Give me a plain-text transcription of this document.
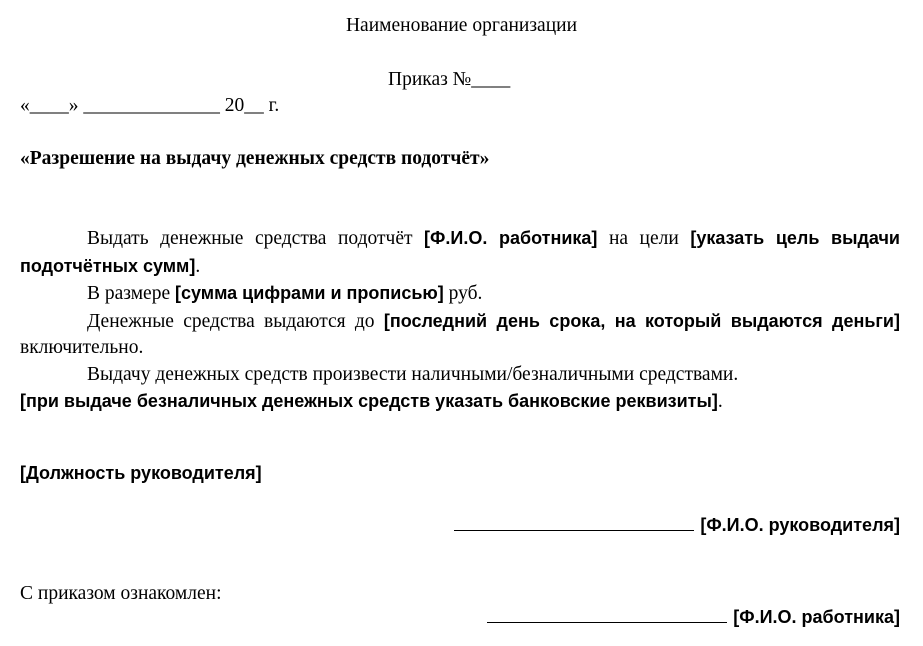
Наименование организации
Приказ №____
«____» ______________ 20__ г.
«Разрешение на выдачу денежных средств подотчёт»

Выдать денежные средства подотчёт [Ф.И.О. работника] на цели [указать цель выдачи подотчётных сумм].

В размере [сумма цифрами и прописью] руб.

Денежные средства выдаются до [последний день срока, на который выдаются деньги] включительно.

Выдачу денежных средств произвести наличными/безналичными средствами.

[при выдаче безналичных денежных средств указать банковские реквизиты].

[Должность руководителя]
[Ф.И.О. руководителя]
С приказом ознакомлен:
[Ф.И.О. работника]
